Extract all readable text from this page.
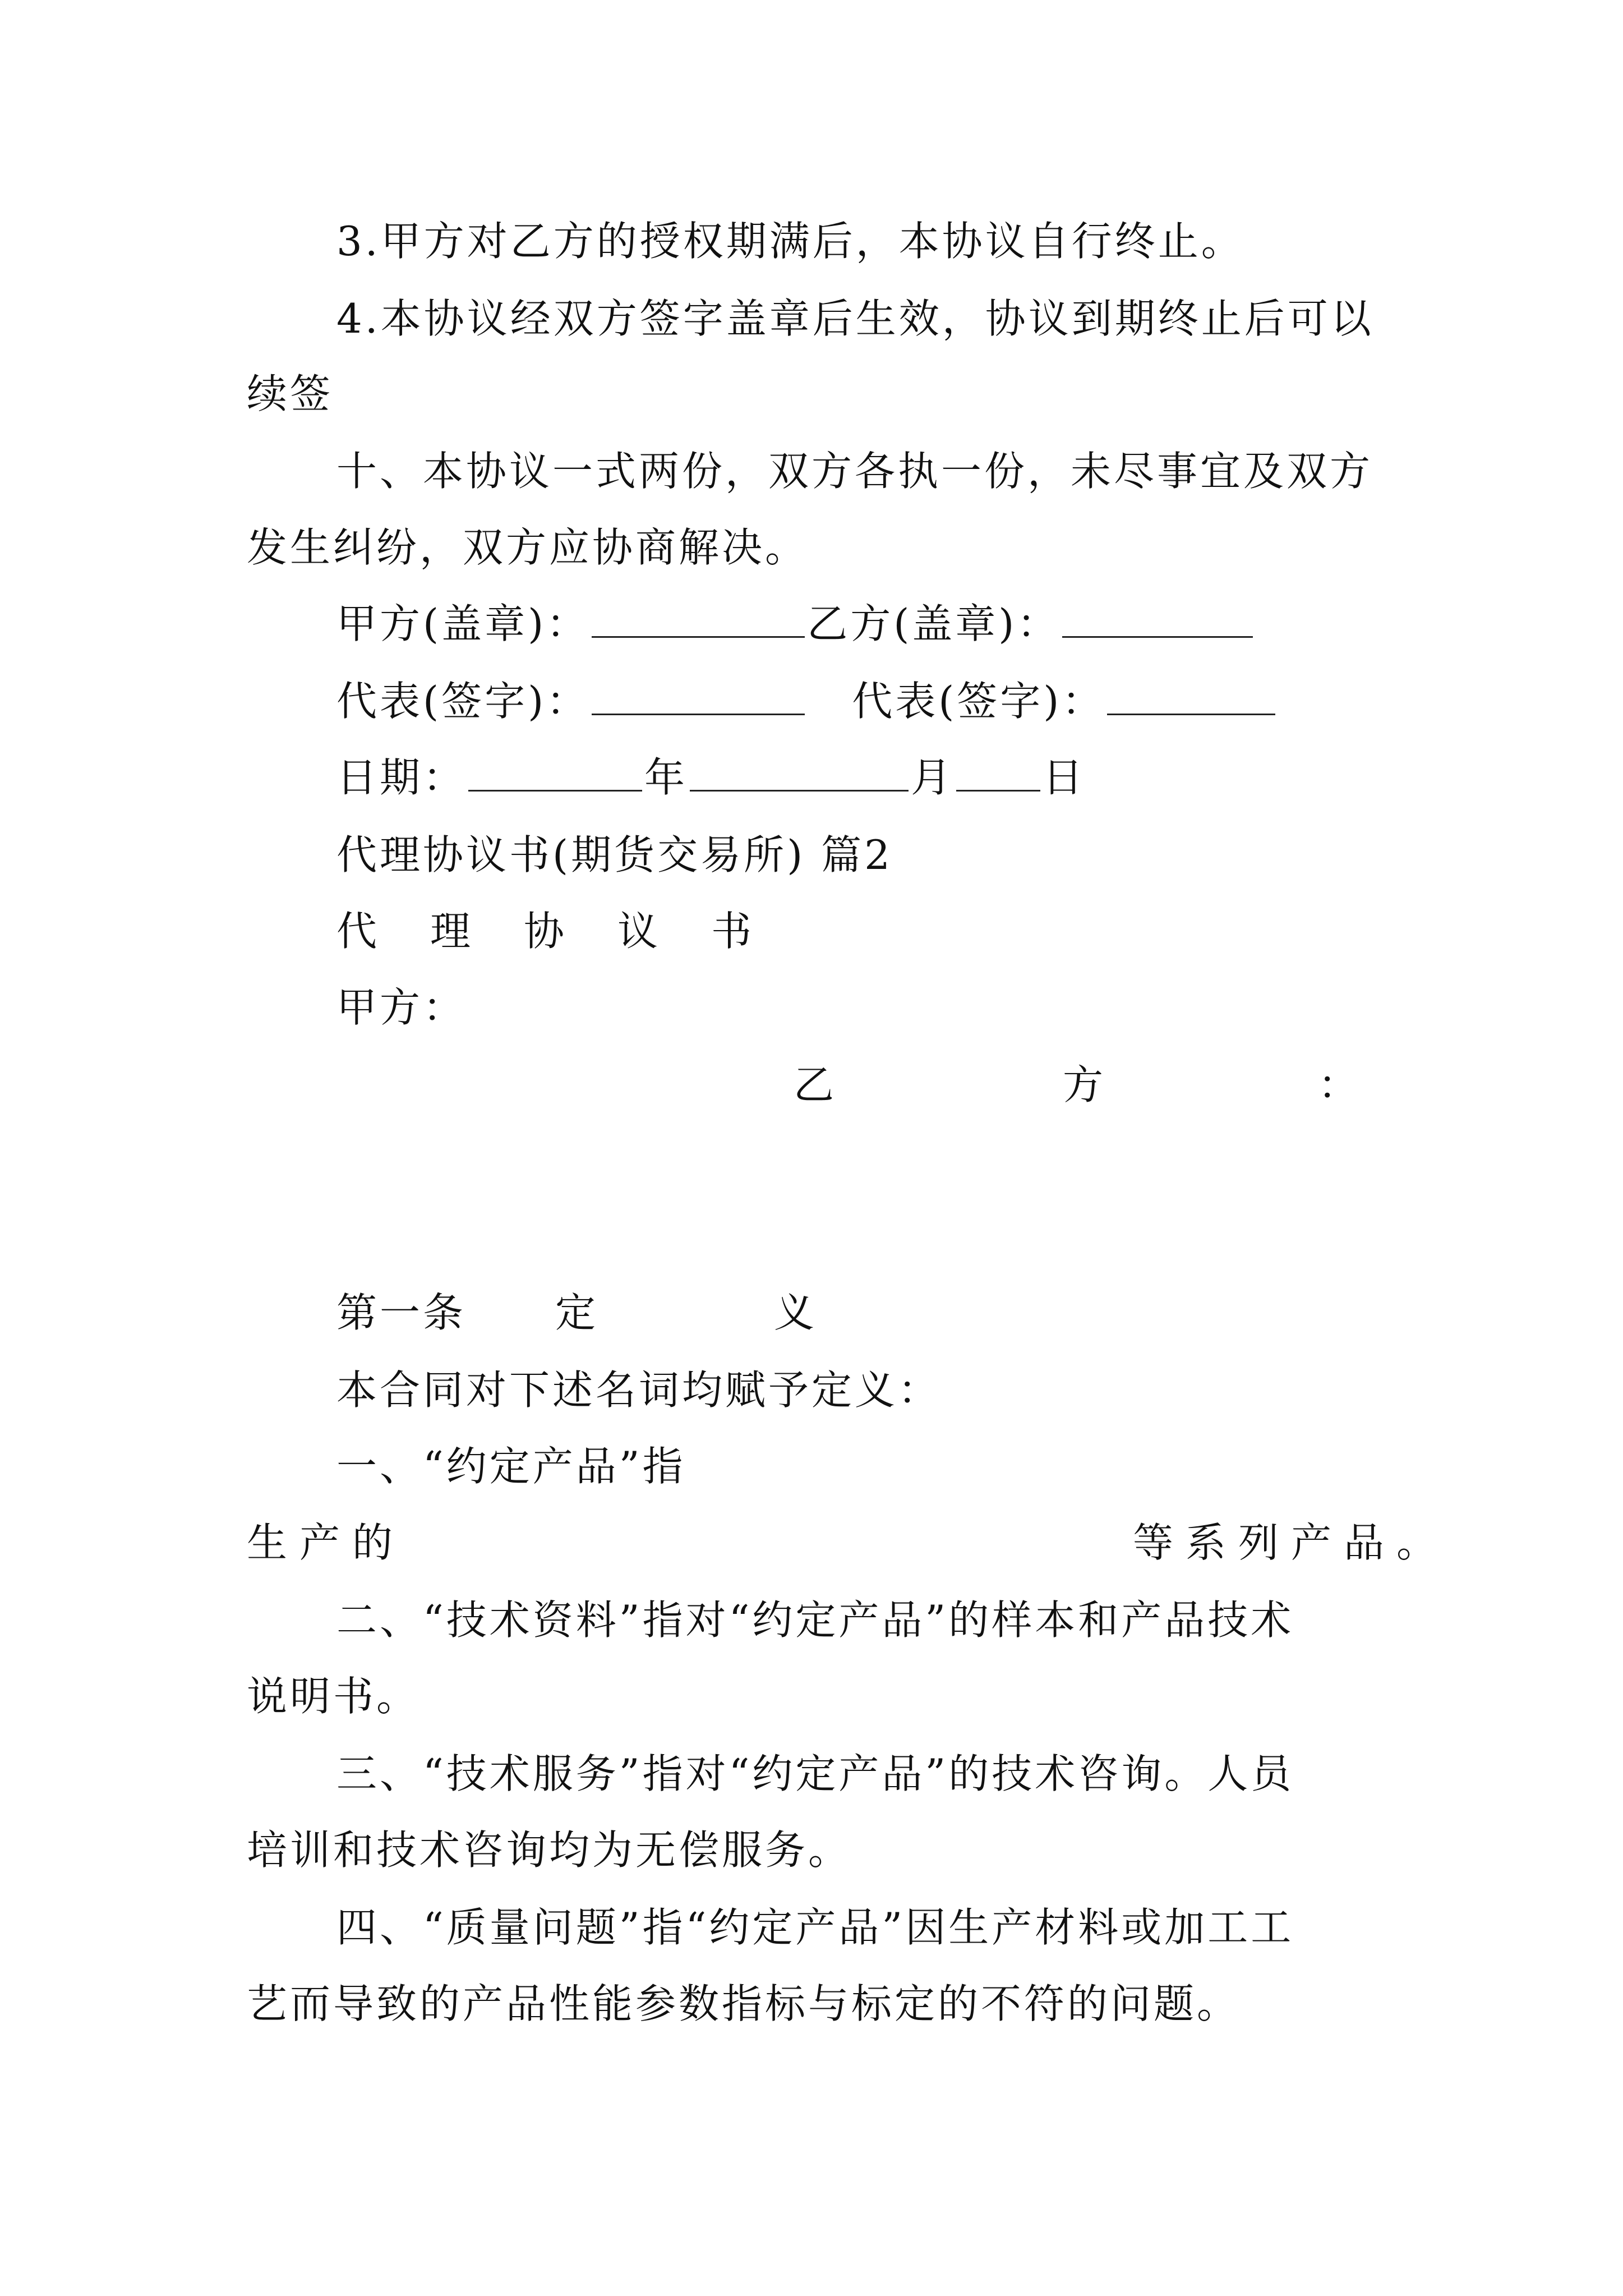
3.甲方对乙方的授权期满后，本协议自行终止。
4.本协议经双方签字盖章后生效，协议到期终止后可以
续签
十、本协议一式两份，双方各执一份，未尽事宜及双方
发生纠纷，双方应协商解决。
甲方(盖章)：	乙方(盖章)：
代表(签字)：	代表(签字)：
日期：	年	月 日
代理协议书(期货交易所) 篇2
代 理 协 议 书
甲方：
乙	方	：
第一条 定	义
本合同对下述名词均赋予定义：
一、“约定产品”指
生产的	等系列产品。
二、“技术资料”指对“约定产品”的样本和产品技术
说明书。
三、“技术服务”指对“约定产品”的技术咨询。人员
培训和技术咨询均为无偿服务。
四、“质量问题”指“约定产品”因生产材料或加工工
艺而导致的产品性能参数指标与标定的不符的问题。
